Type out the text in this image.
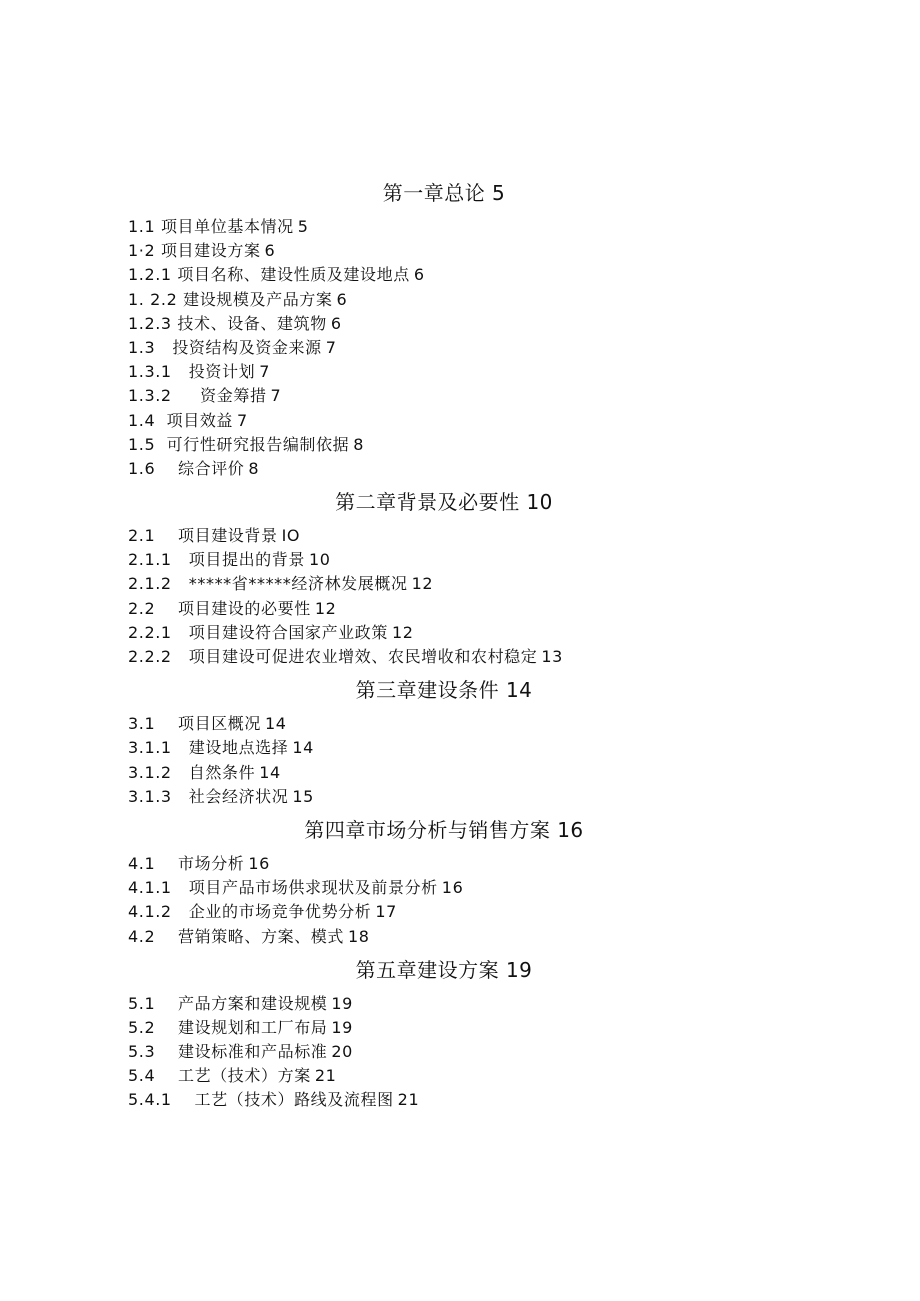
第一章总论 5
1.1 项目单位基本情况 5
1·2 项目建设方案 6
1.2.1 项目名称、建设性质及建设地点 6
1. 2.2 建设规模及产品方案 6
1.2.3 技术、设备、建筑物 6
1.3   投资结构及资金来源 7
1.3.1   投资计划 7
1.3.2     资金筹措 7
1.4  项目效益 7
1.5  可行性研究报告编制依据 8
1.6    综合评价 8
第二章背景及必要性 10
2.1    项目建设背景 IO
2.1.1   项目提出的背景 10
2.1.2   *****省*****经济林发展概况 12
2.2    项目建设的必要性 12
2.2.1   项目建设符合国家产业政策 12
2.2.2   项目建设可促进农业增效、农民增收和农村稳定 13
第三章建设条件 14
3.1    项目区概况 14
3.1.1   建设地点选择 14
3.1.2   自然条件 14
3.1.3   社会经济状况 15
第四章市场分析与销售方案 16
4.1    市场分析 16
4.1.1   项目产品市场供求现状及前景分析 16
4.1.2   企业的市场竞争优势分析 17
4.2    营销策略、方案、模式 18
第五章建设方案 19
5.1    产品方案和建设规模 19
5.2    建设规划和工厂布局 19
5.3    建设标准和产品标准 20
5.4    工艺（技术）方案 21
5.4.1    工艺（技术）路线及流程图 21
